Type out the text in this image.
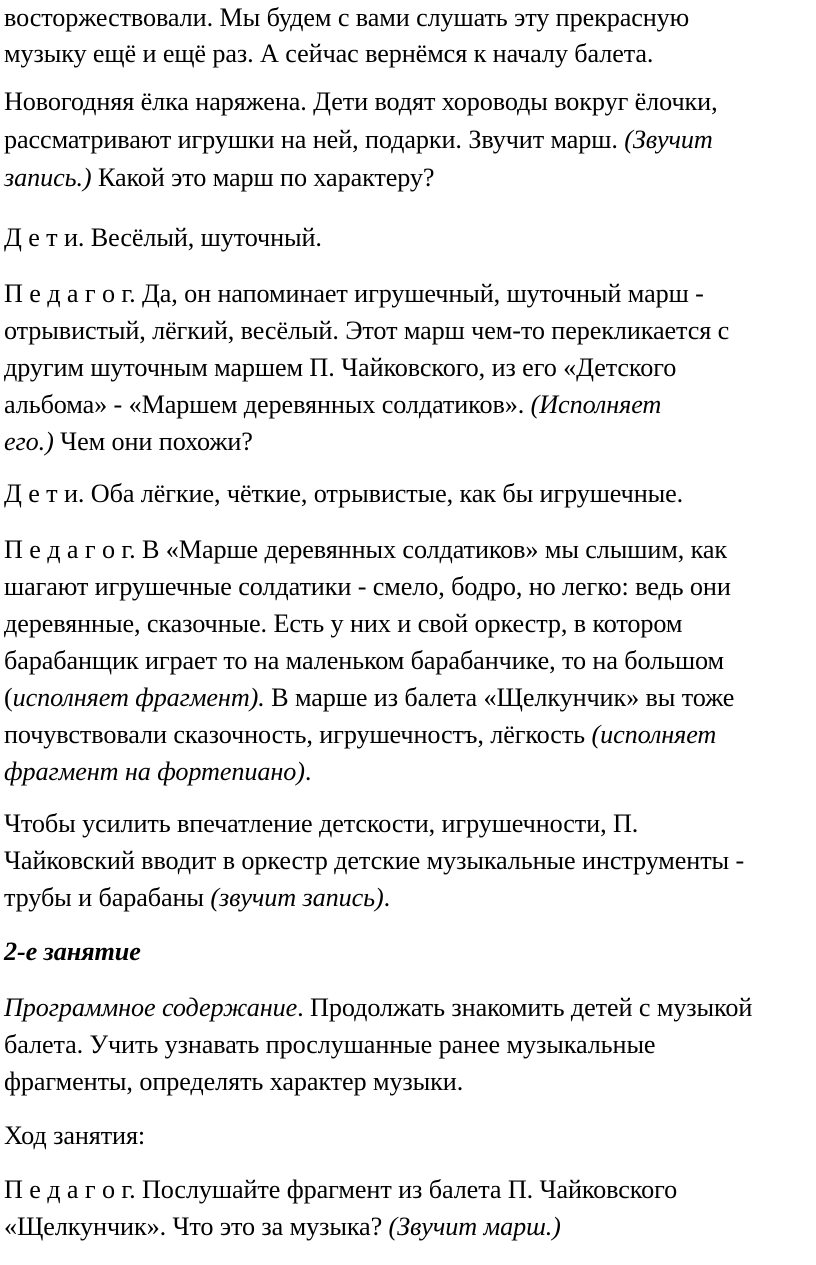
восторжествовали. Мы будем с вами слушать эту прекрасную
музыку ещё и ещё раз. А сейчас вернёмся к началу балета.
Новогодняя ёлка наряжена. Дети водят хороводы вокруг ёлочки,
рассматривают игрушки на ней, подарки. Звучит марш. (Звучит
запись.) Какой это марш по характеру?
Д е т и. Весёлый, шуточный.
П е д а г о г. Да, он напоминает игрушечный, шуточный марш -
отрывистый, лёгкий, весёлый. Этот марш чем-то перекликается с
другим шуточным маршем П. Чайковского, из его «Детского
альбома» - «Маршем деревянных солдатиков». (Исполняет
его.) Чем они похожи?
Д е т и. Оба лёгкие, чёткие, отрывистые, как бы игрушечные.
П е д а г о г. В «Марше деревянных солдатиков» мы слышим, как
шагают игрушечные солдатики - смело, бодро, но легко: ведь они
деревянные, сказочные. Есть у них и свой оркестр, в котором
барабанщик играет то на маленьком барабанчике, то на большом
(исполняет фрагмент). В марше из балета «Щелкунчик» вы тоже
почувствовали сказочность, игрушечностъ, лёгкость (исполняет
фрагмент на фортепиано).
Чтобы усилить впечатление детскости, игрушечности, П.
Чайковский вводит в оркестр детские музыкальные инструменты -
трубы и барабаны (звучит запись).
2-е занятие
Программное содержание. Продолжать знакомить детей с музыкой
балета. Учить узнавать прослушанные ранее музыкальные
фрагменты, определять характер музыки.
Ход занятия:
П е д а г о г. Послушайте фрагмент из балета П. Чайковского
«Щелкунчик». Что это за музыка? (Звучит марш.)
